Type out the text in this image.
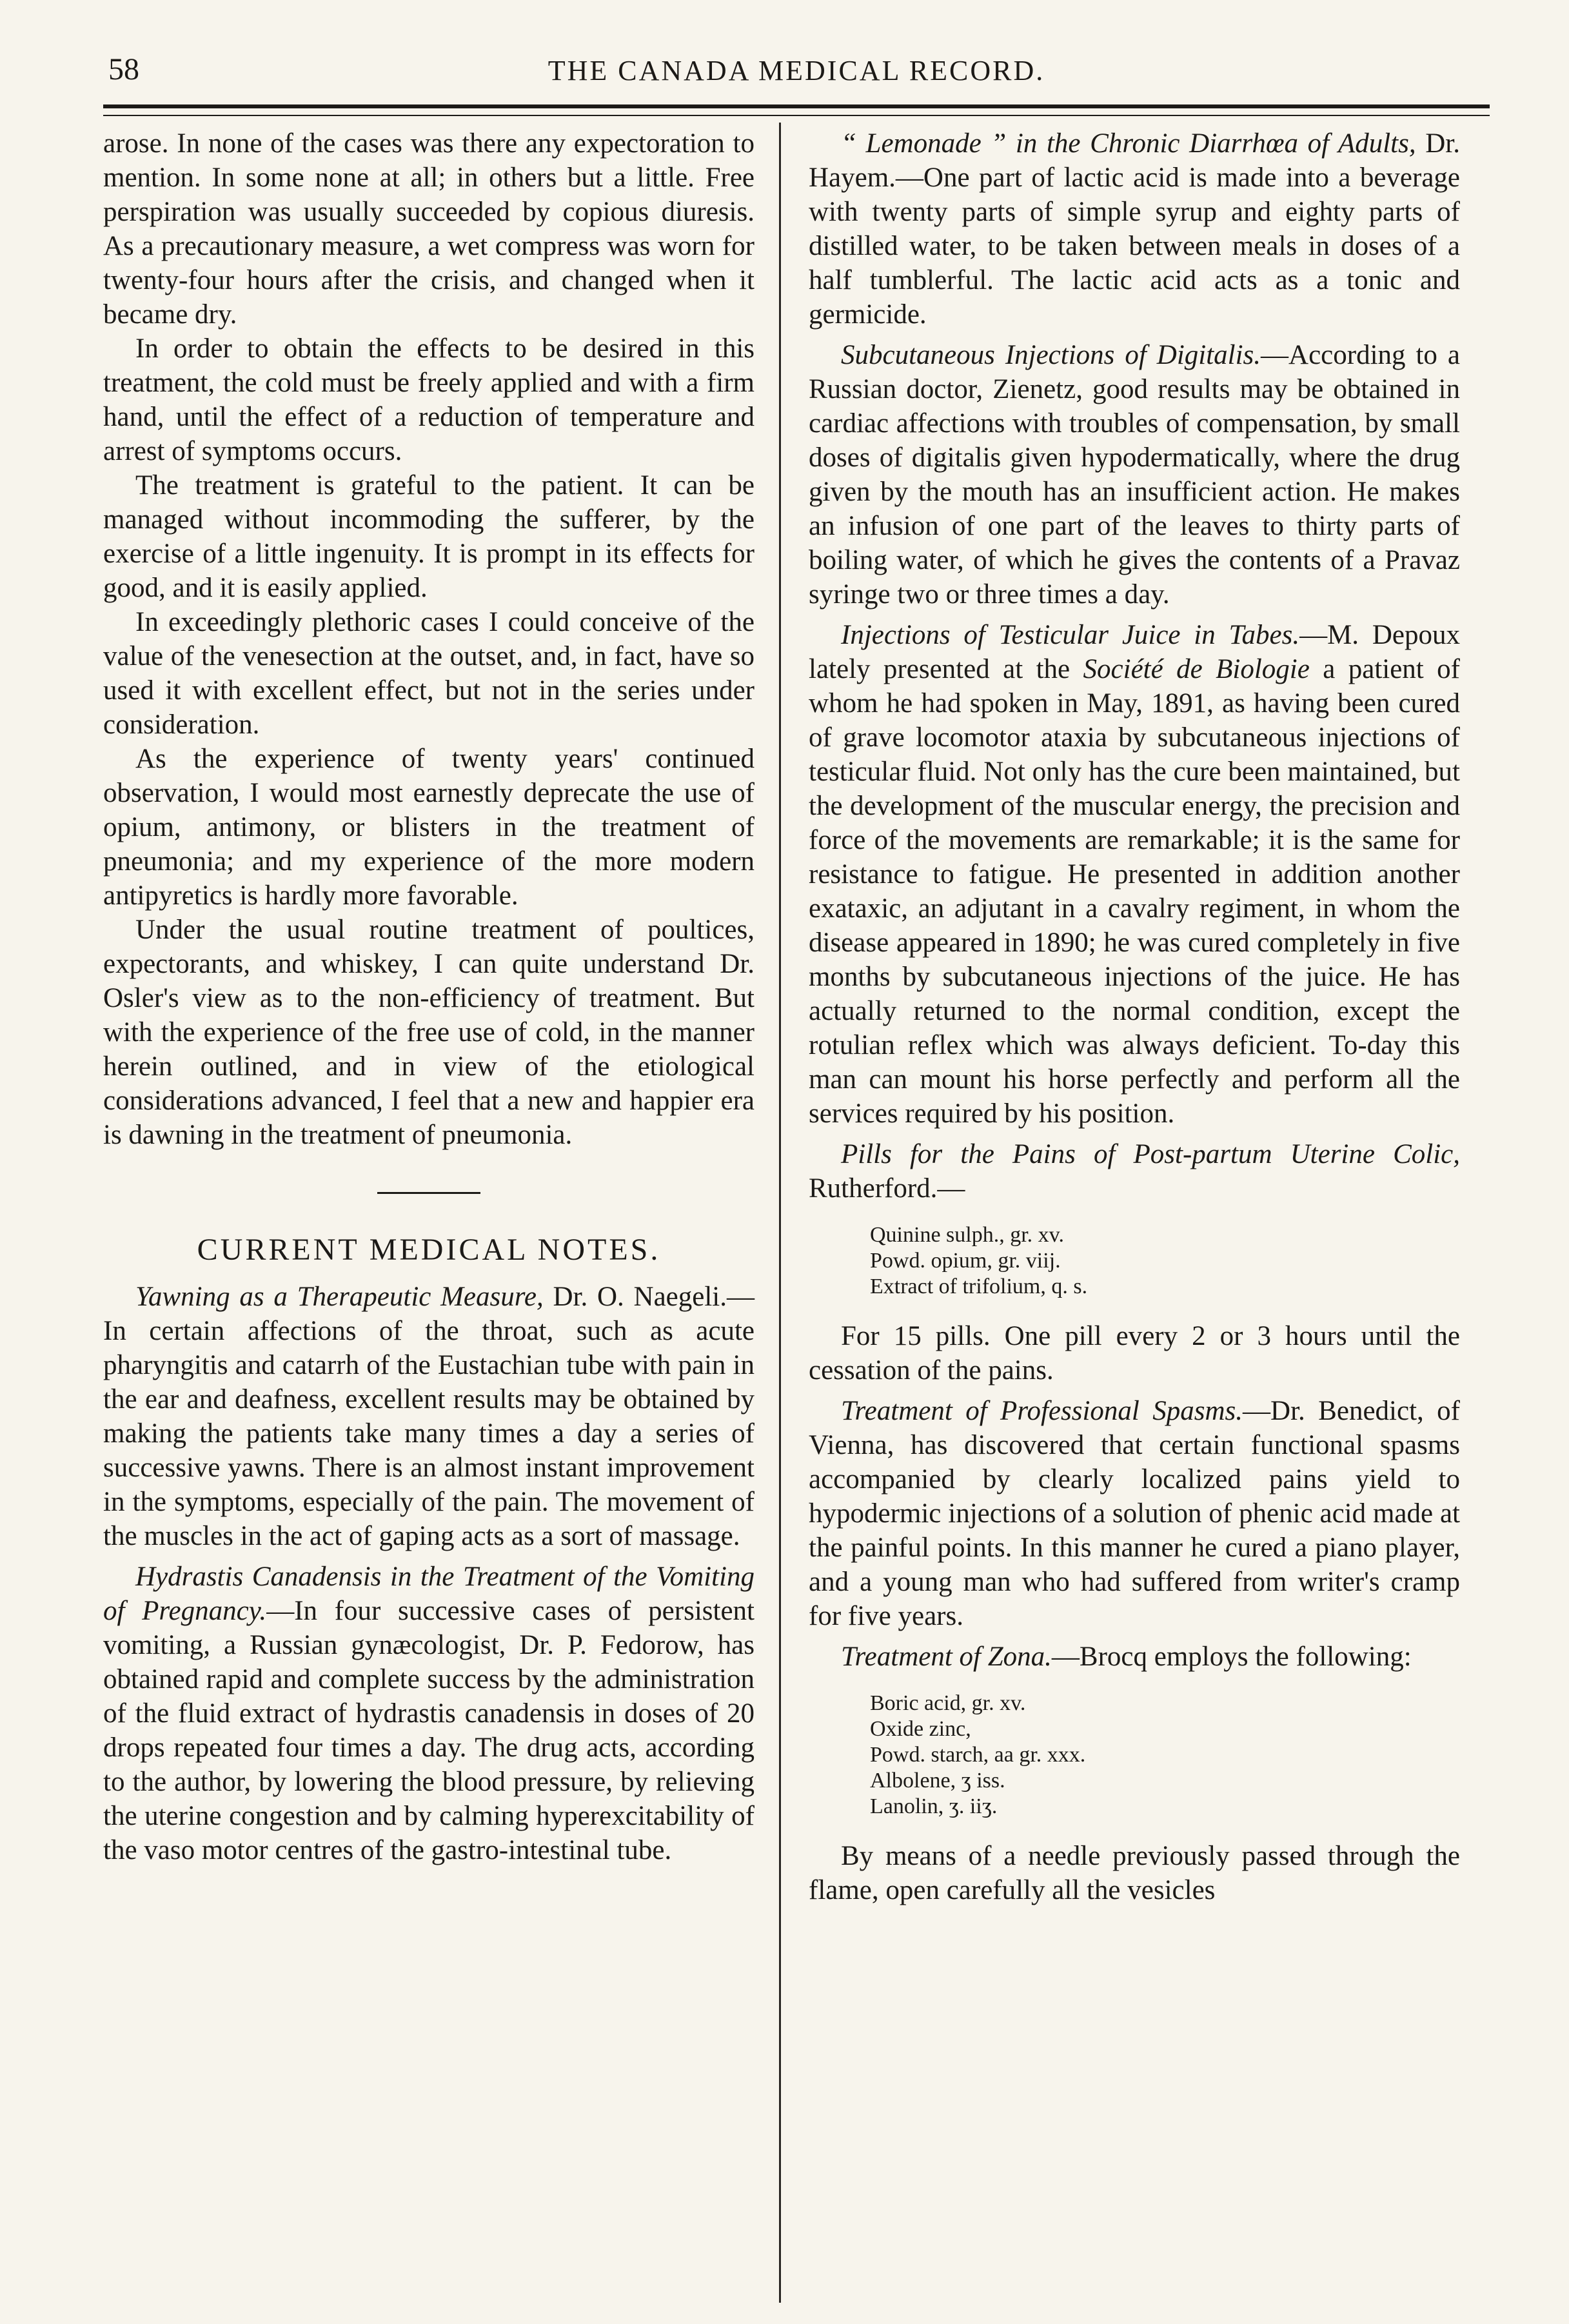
58	THE CANADA MEDICAL RECORD.

arose. In none of the cases was there any expectoration to mention. In some none at all; in others but a little. Free perspiration was usually succeeded by copious diuresis. As a precautionary measure, a wet compress was worn for twenty-four hours after the crisis, and changed when it became dry.

In order to obtain the effects to be desired in this treatment, the cold must be freely applied and with a firm hand, until the effect of a reduction of temperature and arrest of symptoms occurs.

The treatment is grateful to the patient. It can be managed without incommoding the sufferer, by the exercise of a little ingenuity. It is prompt in its effects for good, and it is easily applied.

In exceedingly plethoric cases I could conceive of the value of the venesection at the outset, and, in fact, have so used it with excellent effect, but not in the series under consideration.

As the experience of twenty years' continued observation, I would most earnestly deprecate the use of opium, antimony, or blisters in the treatment of pneumonia; and my experience of the more modern antipyretics is hardly more favorable.

Under the usual routine treatment of poultices, expectorants, and whiskey, I can quite understand Dr. Osler's view as to the non-efficiency of treatment. But with the experience of the free use of cold, in the manner herein outlined, and in view of the etiological considerations advanced, I feel that a new and happier era is dawning in the treatment of pneumonia.

CURRENT MEDICAL NOTES.

Yawning as a Therapeutic Measure, Dr. O. Naegeli.—In certain affections of the throat, such as acute pharyngitis and catarrh of the Eustachian tube with pain in the ear and deafness, excellent results may be obtained by making the patients take many times a day a series of successive yawns. There is an almost instant improvement in the symptoms, especially of the pain. The movement of the muscles in the act of gaping acts as a sort of massage.

Hydrastis Canadensis in the Treatment of the Vomiting of Pregnancy.—In four successive cases of persistent vomiting, a Russian gynæcologist, Dr. P. Fedorow, has obtained rapid and complete success by the administration of the fluid extract of hydrastis canadensis in doses of 20 drops repeated four times a day. The drug acts, according to the author, by lowering the blood pressure, by relieving the uterine congestion and by calming hyperexcitability of the vaso motor centres of the gastro-intestinal tube.

“ Lemonade ” in the Chronic Diarrhœa of Adults, Dr. Hayem.—One part of lactic acid is made into a beverage with twenty parts of simple syrup and eighty parts of distilled water, to be taken between meals in doses of a half tumblerful. The lactic acid acts as a tonic and germicide.

Subcutaneous Injections of Digitalis.—According to a Russian doctor, Zienetz, good results may be obtained in cardiac affections with troubles of compensation, by small doses of digitalis given hypodermatically, where the drug given by the mouth has an insufficient action. He makes an infusion of one part of the leaves to thirty parts of boiling water, of which he gives the contents of a Pravaz syringe two or three times a day.

Injections of Testicular Juice in Tabes.—M. Depoux lately presented at the Société de Biologie a patient of whom he had spoken in May, 1891, as having been cured of grave locomotor ataxia by subcutaneous injections of testicular fluid. Not only has the cure been maintained, but the development of the muscular energy, the precision and force of the movements are remarkable; it is the same for resistance to fatigue. He presented in addition another exataxic, an adjutant in a cavalry regiment, in whom the disease appeared in 1890; he was cured completely in five months by subcutaneous injections of the juice. He has actually returned to the normal condition, except the rotulian reflex which was always deficient. To-day this man can mount his horse perfectly and perform all the services required by his position.

Pills for the Pains of Post-partum Uterine Colic, Rutherford.—

Quinine sulph., gr. xv.
Powd. opium, gr. viij.
Extract of trifolium, q. s.

For 15 pills. One pill every 2 or 3 hours until the cessation of the pains.

Treatment of Professional Spasms.—Dr. Benedict, of Vienna, has discovered that certain functional spasms accompanied by clearly localized pains yield to hypodermic injections of a solution of phenic acid made at the painful points. In this manner he cured a piano player, and a young man who had suffered from writer's cramp for five years.

Treatment of Zona.—Brocq employs the following:

Boric acid, gr. xv.
Oxide zinc,
Powd. starch, aa gr. xxx.
Albolene, ʒ iss.
Lanolin, ʒ. iiʒ.

By means of a needle previously passed through the flame, open carefully all the vesicles
